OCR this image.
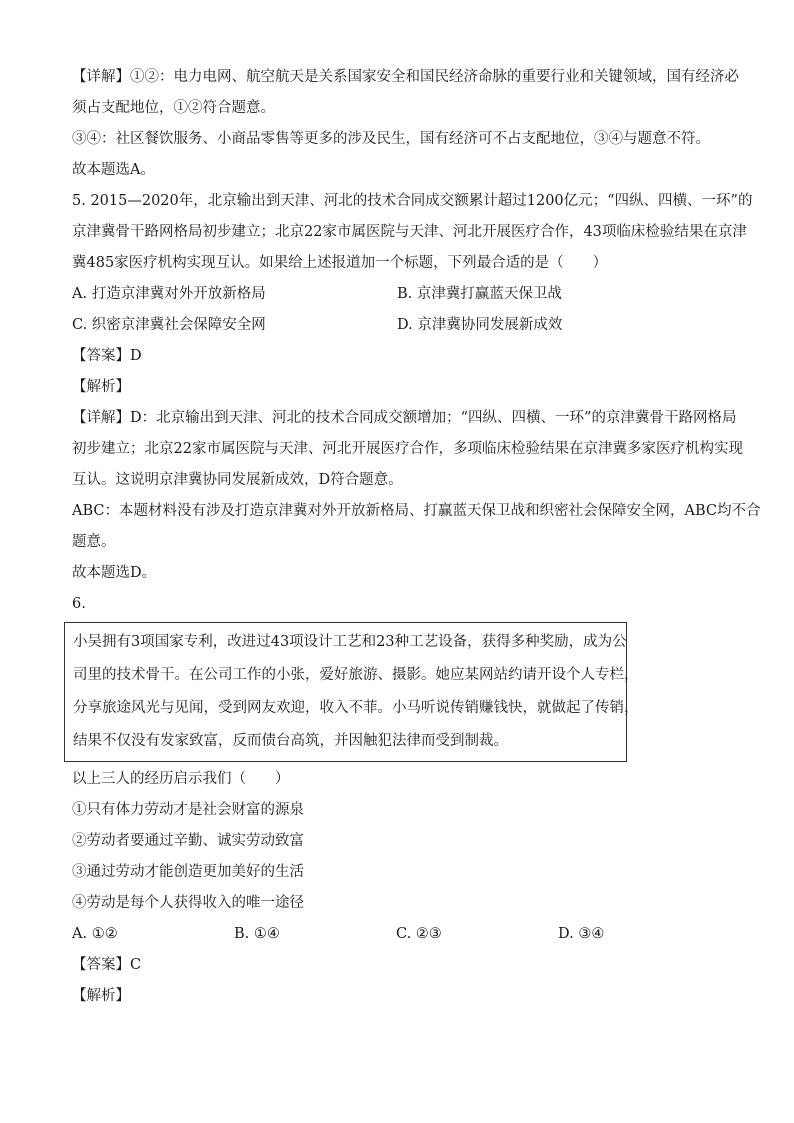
【详解】①②：电力电网、航空航天是关系国家安全和国民经济命脉的重要行业和关键领域，国有经济必
须占支配地位，①②符合题意。
③④：社区餐饮服务、小商品零售等更多的涉及民生，国有经济可不占支配地位，③④与题意不符。
故本题选A。
5. 2015—2020年，北京输出到天津、河北的技术合同成交额累计超过1200亿元；“四纵、四横、一环”的
京津冀骨干路网格局初步建立；北京22家市属医院与天津、河北开展医疗合作，43项临床检验结果在京津
冀485家医疗机构实现互认。如果给上述报道加一个标题，下列最合适的是（　　）
A. 打造京津冀对外开放新格局	B. 京津冀打赢蓝天保卫战
C. 织密京津冀社会保障安全网	D. 京津冀协同发展新成效
【答案】D
【解析】
【详解】D：北京输出到天津、河北的技术合同成交额增加；“四纵、四横、一环”的京津冀骨干路网格局
初步建立；北京22家市属医院与天津、河北开展医疗合作，多项临床检验结果在京津冀多家医疗机构实现
互认。这说明京津冀协同发展新成效，D符合题意。
ABC：本题材料没有涉及打造京津冀对外开放新格局、打赢蓝天保卫战和织密社会保障安全网，ABC均不合
题意。
故本题选D。
6.
小吴拥有3项国家专利，改进过43项设计工艺和23种工艺设备，获得多种奖励，成为公
司里的技术骨干。在公司工作的小张，爱好旅游、摄影。她应某网站约请开设个人专栏，
分享旅途风光与见闻，受到网友欢迎，收入不菲。小马听说传销赚钱快，就做起了传销，
结果不仅没有发家致富，反而债台高筑，并因触犯法律而受到制裁。
以上三人的经历启示我们（　　）
①只有体力劳动才是社会财富的源泉
②劳动者要通过辛勤、诚实劳动致富
③通过劳动才能创造更加美好的生活
④劳动是每个人获得收入的唯一途径
A. ①②	B. ①④	C. ②③	D. ③④
【答案】C
【解析】
